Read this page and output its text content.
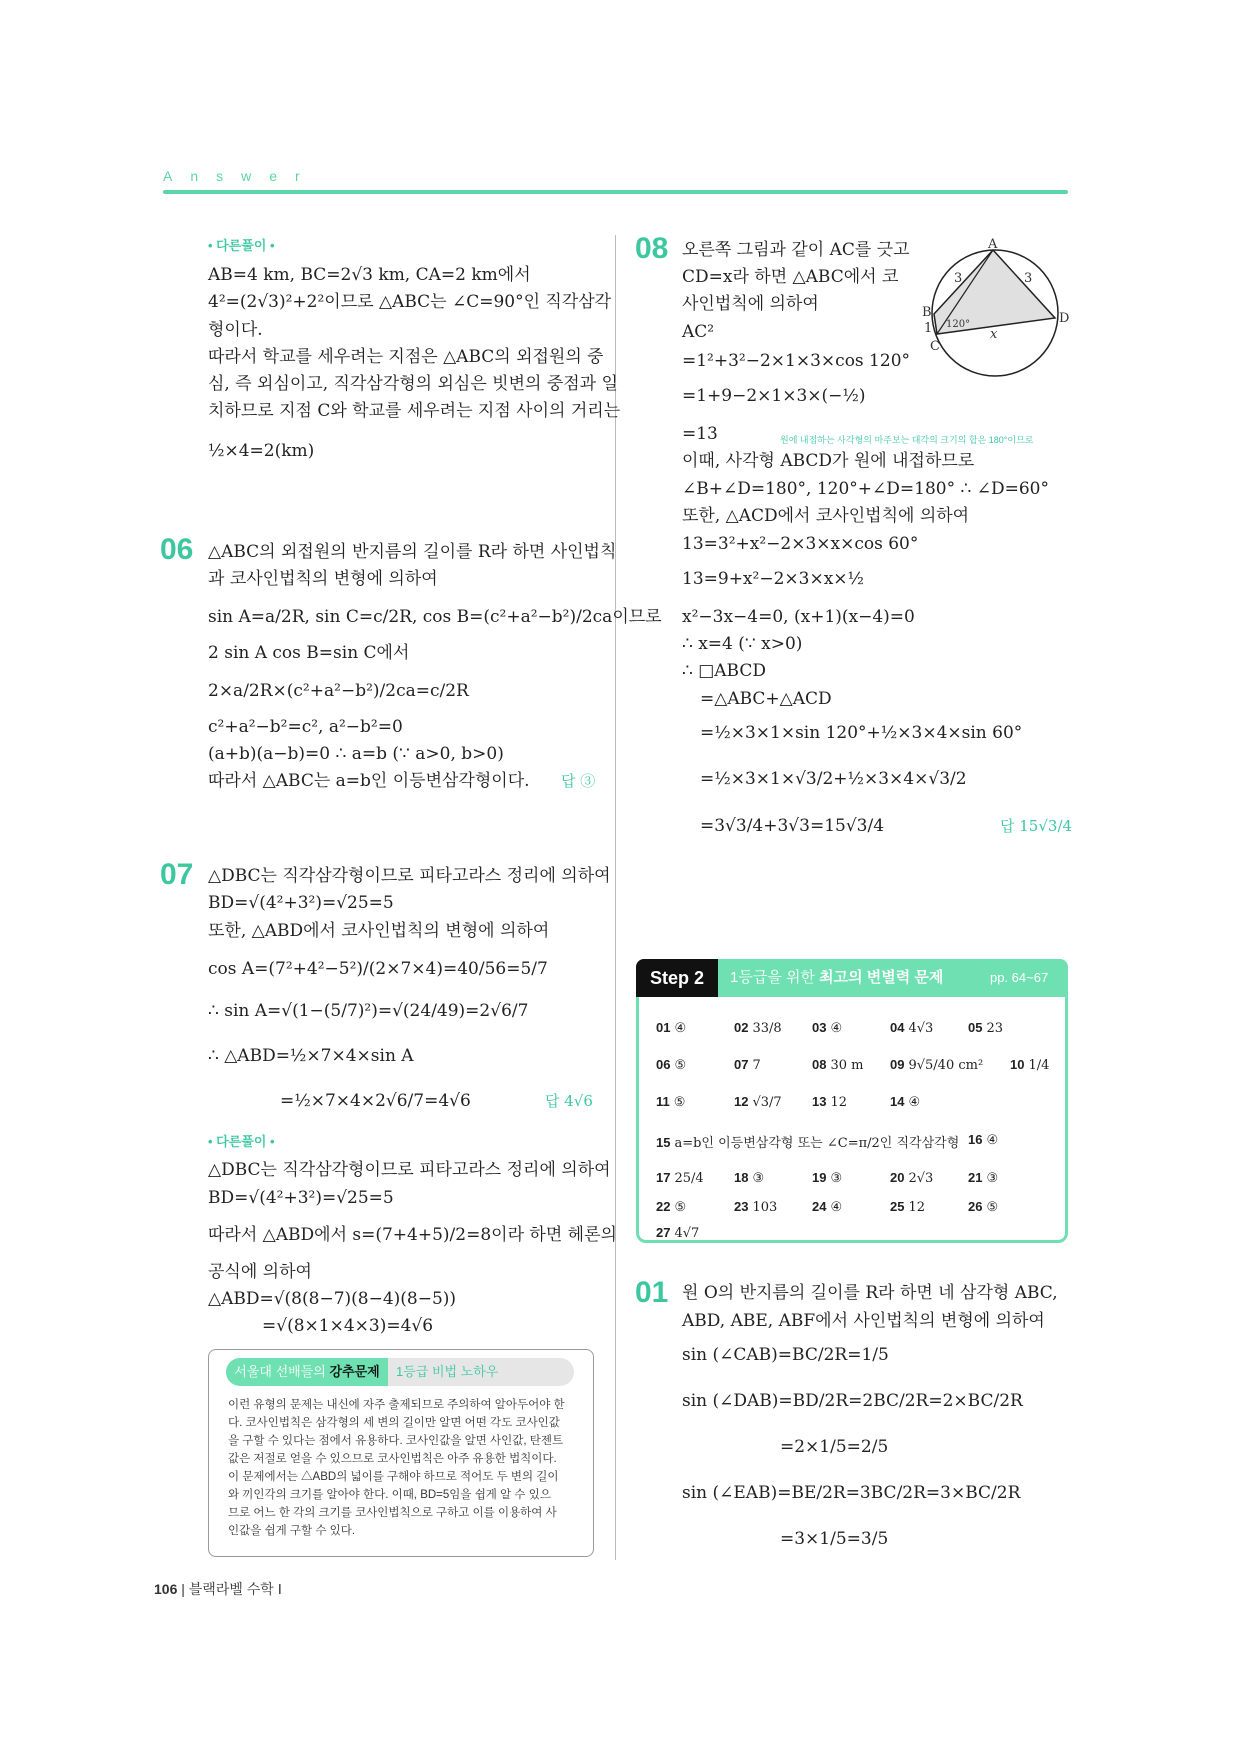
Answer
• 다른풀이 •
AB=4 km, BC=2√3 km, CA=2 km에서
4²=(2√3)²+2²이므로 △ABC는 ∠C=90°인 직각삼각
형이다.
따라서 학교를 세우려는 지점은 △ABC의 외접원의 중
심, 즉 외심이고, 직각삼각형의 외심은 빗변의 중점과 일
치하므로 지점 C와 학교를 세우려는 지점 사이의 거리는
½×4=2(km)
06 △ABC의 외접원의 반지름의 길이를 R라 하면 사인법칙
과 코사인법칙의 변형에 의하여
sin A=a/2R, sin C=c/2R, cos B=(c²+a²−b²)/2ca이므로
2 sin A cos B=sin C에서
2×a/2R×(c²+a²−b²)/2ca=c/2R
c²+a²−b²=c², a²−b²=0
(a+b)(a−b)=0 ∴ a=b (∵ a>0, b>0)
따라서 △ABC는 a=b인 이등변삼각형이다. 답 ③
07 △DBC는 직각삼각형이므로 피타고라스 정리에 의하여
BD=√(4²+3²)=√25=5
또한, △ABD에서 코사인법칙의 변형에 의하여
cos A=(7²+4²−5²)/(2×7×4)=40/56=5/7
∴ sin A=√(1−(5/7)²)=√(24/49)=2√6/7
∴ △ABD=½×7×4×sin A
=½×7×4×2√6/7=4√6	답 4√6
• 다른풀이 •
△DBC는 직각삼각형이므로 피타고라스 정리에 의하여
BD=√(4²+3²)=√25=5
따라서 △ABD에서 s=(7+4+5)/2=8이라 하면 헤론의
공식에 의하여
△ABD=√(8(8−7)(8−4)(8−5))
=√(8×1×4×3)=4√6
서울대 선배들의 강추문제	1등급 비법 노하우
이런 유형의 문제는 내신에 자주 출제되므로 주의하여 알아두어야 한
다. 코사인법칙은 삼각형의 세 변의 길이만 알면 어떤 각도 코사인값
을 구할 수 있다는 점에서 유용하다. 코사인값을 알면 사인값, 탄젠트
값은 저절로 얻을 수 있으므로 코사인법칙은 아주 유용한 법칙이다.
이 문제에서는 △ABD의 넓이를 구해야 하므로 적어도 두 변의 길이
와 끼인각의 크기를 알아야 한다. 이때, BD=5임을 쉽게 알 수 있으
므로 어느 한 각의 크기를 코사인법칙으로 구하고 이를 이용하여 사
인값을 쉽게 구할 수 있다.
08 오른쪽 그림과 같이 AC를 긋고
CD=x라 하면 △ABC에서 코
사인법칙에 의하여
AC²
=1²+3²−2×1×3×cos 120°
=1+9−2×1×3×(−½)
=13	원에 내접하는 사각형의 마주보는 대각의 크기의 합은 180°이므로
이때, 사각형 ABCD가 원에 내접하므로
∠B+∠D=180°, 120°+∠D=180° ∴ ∠D=60°
또한, △ACD에서 코사인법칙에 의하여
13=3²+x²−2×3×x×cos 60°
13=9+x²−2×3×x×½
x²−3x−4=0, (x+1)(x−4)=0
∴ x=4 (∵ x>0)
∴ □ABCD
=△ABC+△ACD
=½×3×1×sin 120°+½×3×4×sin 60°
=½×3×1×√3/2+½×3×4×√3/2
=3√3/4+3√3=15√3/4	답 15√3/4
A
B
C
D
3	3
1 120°
x
Step 2	1등급을 위한 최고의 변별력 문제	pp. 64~67
01 ④	02 33/8 03 ④	04 4√3	05 23
06 ⑤	07 7	08 30 m 09 9√5/40 cm² 10 1/4
11 ⑤	12 √3/7 13 12	14 ④
15 a=b인 이등변삼각형 또는 ∠C=π/2인 직각삼각형 16 ④
17 25/4 18 ③	19 ③	20 2√3	21 ③
22 ⑤	23 103	24 ④	25 12	26 ⑤
27 4√7
01 원 O의 반지름의 길이를 R라 하면 네 삼각형 ABC,
ABD, ABE, ABF에서 사인법칙의 변형에 의하여
sin (∠CAB)=BC/2R=1/5
sin (∠DAB)=BD/2R=2BC/2R=2×BC/2R
=2×1/5=2/5
sin (∠EAB)=BE/2R=3BC/2R=3×BC/2R
=3×1/5=3/5
106 | 블랙라벨 수학 Ⅰ
